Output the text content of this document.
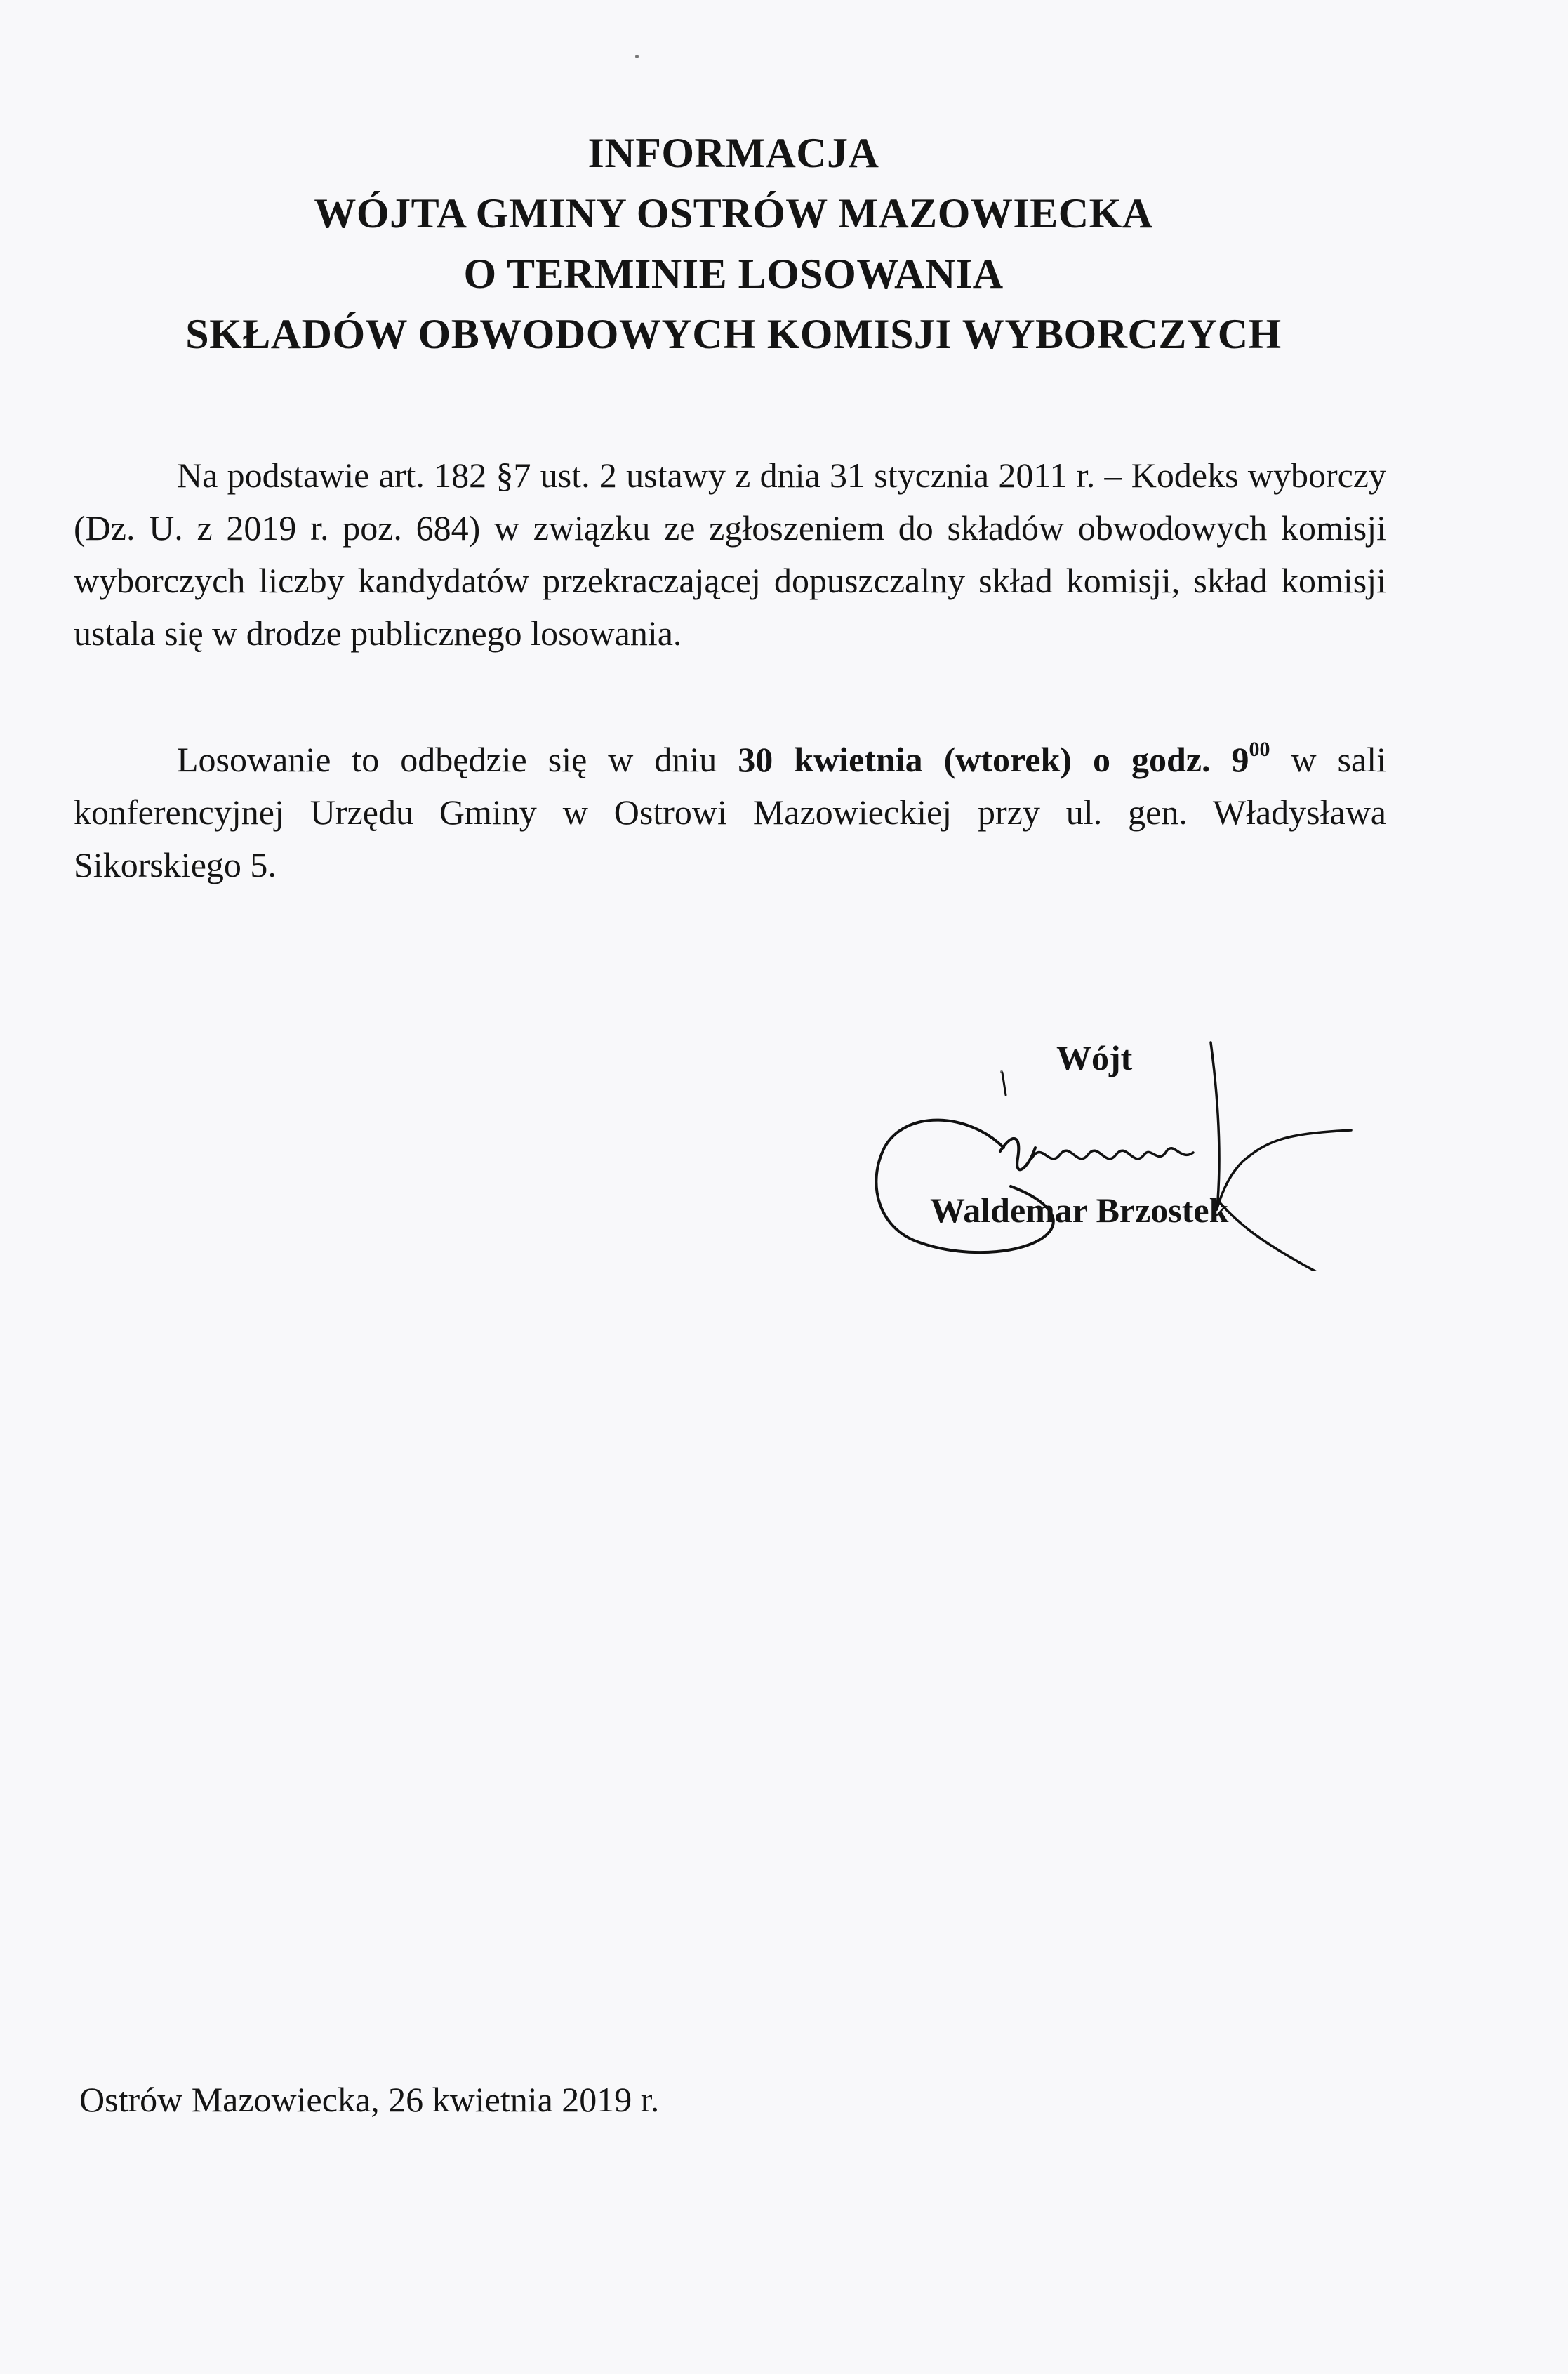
INFORMACJA
WÓJTA GMINY OSTRÓW MAZOWIECKA
O TERMINIE LOSOWANIA
SKŁADÓW OBWODOWYCH KOMISJI WYBORCZYCH

Na podstawie art. 182 §7 ust. 2 ustawy z dnia 31 stycznia 2011 r. – Kodeks wyborczy (Dz. U. z 2019 r. poz. 684) w związku ze zgłoszeniem do składów obwodowych komisji wyborczych liczby kandydatów przekraczającej dopuszczalny skład komisji, skład komisji ustala się w drodze publicznego losowania.

Losowanie to odbędzie się w dniu 30 kwietnia (wtorek) o godz. $9^{00}$ w sali konferencyjnej Urzędu Gminy w Ostrowi Mazowieckiej przy ul. gen. Władysława Sikorskiego 5.

Wójt
Waldemar Brzostek
Ostrów Mazowiecka, 26 kwietnia 2019 r.
